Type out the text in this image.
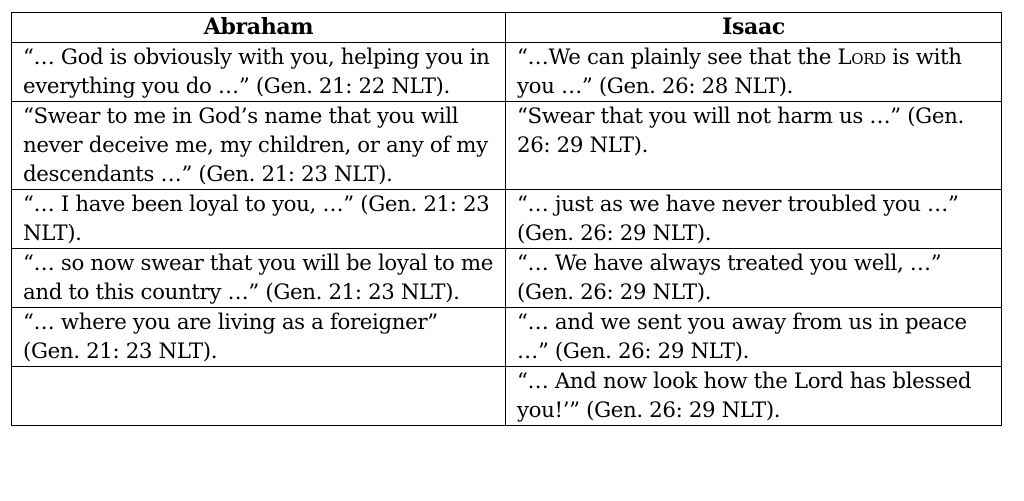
Abraham	Isaac
“… God is obviously with you, helping you in everything you do …” (Gen. 21: 22 NLT).	“…We can plainly see that the Lord is with you …” (Gen. 26: 28 NLT).
“Swear to me in God’s name that you will never deceive me, my children, or any of my descendants …” (Gen. 21: 23 NLT).	“Swear that you will not harm us …” (Gen. 26: 29 NLT).
“… I have been loyal to you, …” (Gen. 21: 23 NLT).	“… just as we have never troubled you …” (Gen. 26: 29 NLT).
“… so now swear that you will be loyal to me and to this country …” (Gen. 21: 23 NLT).	“… We have always treated you well, …” (Gen. 26: 29 NLT).
“… where you are living as a foreigner” (Gen. 21: 23 NLT).	“… and we sent you away from us in peace …” (Gen. 26: 29 NLT).
	“… And now look how the Lord has blessed you!’” (Gen. 26: 29 NLT).
